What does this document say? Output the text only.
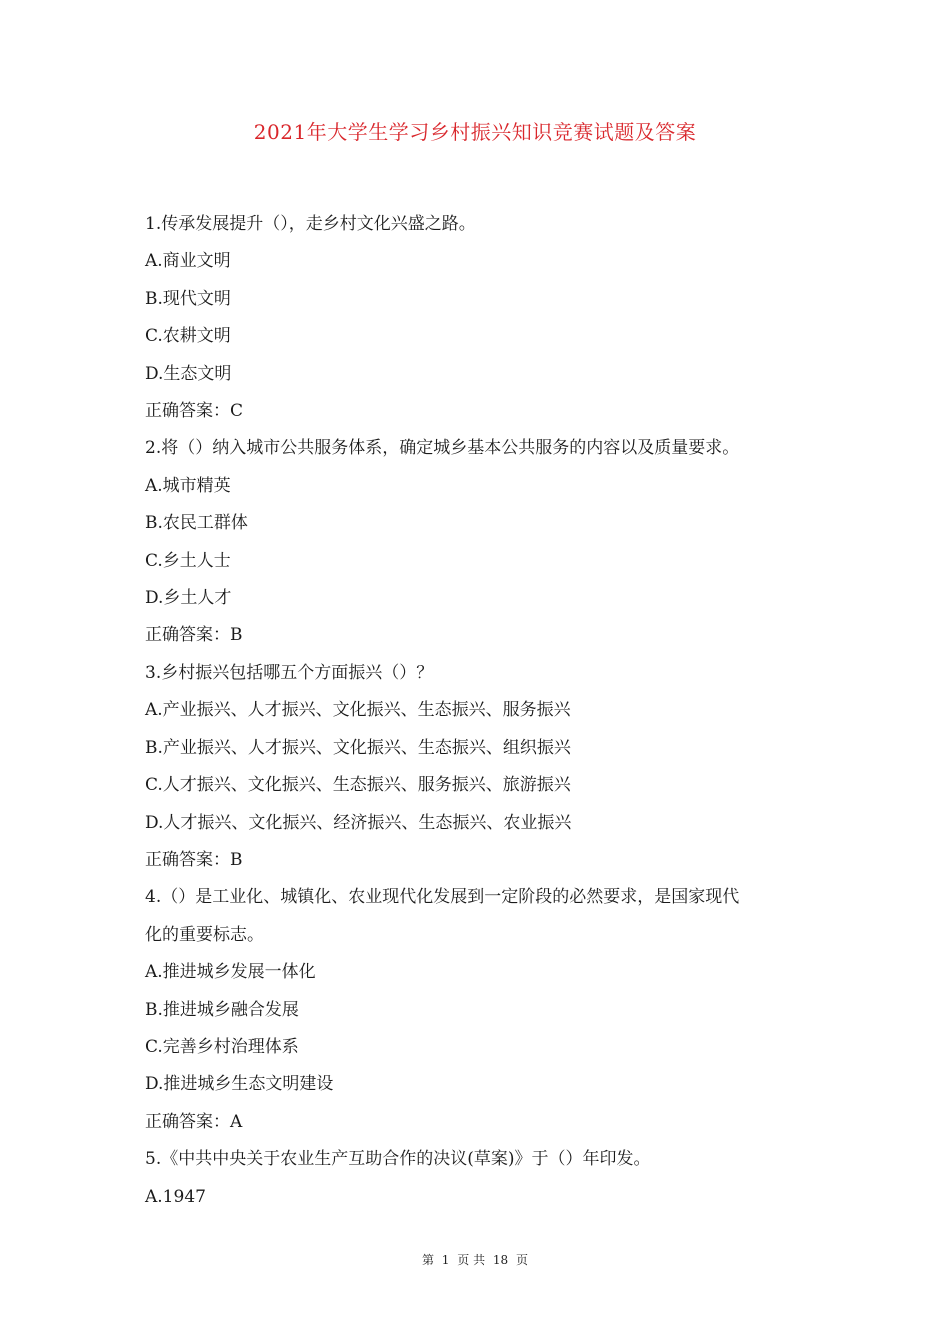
2021年大学生学习乡村振兴知识竞赛试题及答案
1.传承发展提升（），走乡村文化兴盛之路。
A.商业文明
B.现代文明
C.农耕文明
D.生态文明
正确答案：C
2.将（）纳入城市公共服务体系，确定城乡基本公共服务的内容以及质量要求。
A.城市精英
B.农民工群体
C.乡土人士
D.乡土人才
正确答案：B
3.乡村振兴包括哪五个方面振兴（）？
A.产业振兴、人才振兴、文化振兴、生态振兴、服务振兴
B.产业振兴、人才振兴、文化振兴、生态振兴、组织振兴
C.人才振兴、文化振兴、生态振兴、服务振兴、旅游振兴
D.人才振兴、文化振兴、经济振兴、生态振兴、农业振兴
正确答案：B
4.（）是工业化、城镇化、农业现代化发展到一定阶段的必然要求，是国家现代
化的重要标志。
A.推进城乡发展一体化
B.推进城乡融合发展
C.完善乡村治理体系
D.推进城乡生态文明建设
正确答案：A
5.《中共中央关于农业生产互助合作的决议(草案)》于（）年印发。
A.1947
第 1 页 共 18 页
